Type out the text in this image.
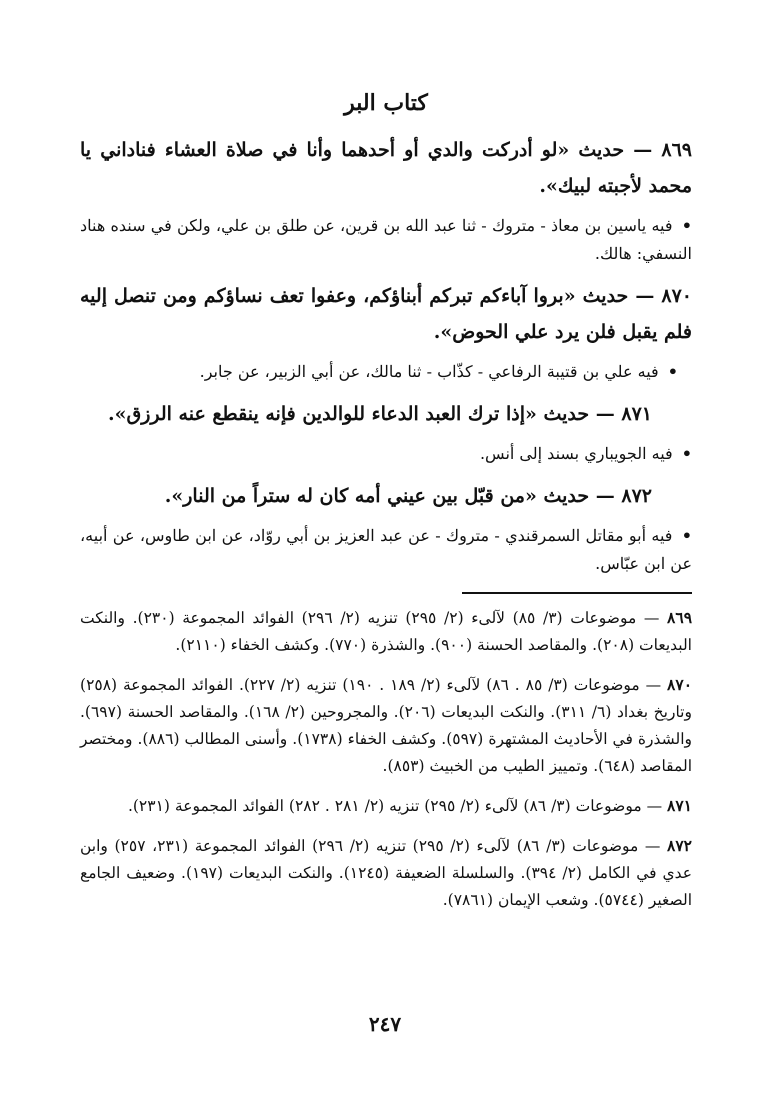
كتاب البر

٨٦٩ — حديث «لو أدركت والدي أو أحدهما وأنا في صلاة العشاء فناداني يا محمد لأجبته لبيك».

• فيه ياسين بن معاذ - متروك - ثنا عبد الله بن قرين، عن طلق بن علي، ولكن في سنده هناد النسفي: هالك.

٨٧٠ — حديث «بروا آباءكم تبركم أبناؤكم، وعفوا تعف نساؤكم ومن تنصل إليه فلم يقبل فلن يرد علي الحوض».

• فيه علي بن قتيبة الرفاعي - كذّاب - ثنا مالك، عن أبي الزبير، عن جابر.

٨٧١ — حديث «إذا ترك العبد الدعاء للوالدين فإنه ينقطع عنه الرزق».

• فيه الجويباري بسند إلى أنس.

٨٧٢ — حديث «من قبّل بين عيني أمه كان له ستراً من النار».

• فيه أبو مقاتل السمرقندي - متروك - عن عبد العزيز بن أبي روّاد، عن ابن طاوس، عن أبيه، عن ابن عبّاس.

٨٦٩ — موضوعات (٣/ ٨٥) لآلىء (٢/ ٢٩٥) تنزيه (٢/ ٢٩٦) الفوائد المجموعة (٢٣٠). والنكت البديعات (٢٠٨). والمقاصد الحسنة (٩٠٠). والشذرة (٧٧٠). وكشف الخفاء (٢١١٠).

٨٧٠ — موضوعات (٣/ ٨٥ . ٨٦) لآلىء (٢/ ١٨٩ . ١٩٠) تنزيه (٢/ ٢٢٧). الفوائد المجموعة (٢٥٨) وتاريخ بغداد (٦/ ٣١١). والنكت البديعات (٢٠٦). والمجروحين (٢/ ١٦٨). والمقاصد الحسنة (٦٩٧). والشذرة في الأحاديث المشتهرة (٥٩٧). وكشف الخفاء (١٧٣٨). وأسنى المطالب (٨٨٦). ومختصر المقاصد (٦٤٨). وتمييز الطيب من الخبيث (٨٥٣).

٨٧١ — موضوعات (٣/ ٨٦) لآلىء (٢/ ٢٩٥) تنزيه (٢/ ٢٨١ . ٢٨٢) الفوائد المجموعة (٢٣١).

٨٧٢ — موضوعات (٣/ ٨٦) لآلىء (٢/ ٢٩٥) تنزيه (٢/ ٢٩٦) الفوائد المجموعة (٢٣١، ٢٥٧) وابن عدي في الكامل (٢/ ٣٩٤). والسلسلة الضعيفة (١٢٤٥). والنكت البديعات (١٩٧). وضعيف الجامع الصغير (٥٧٤٤). وشعب الإيمان (٧٨٦١).

٢٤٧
